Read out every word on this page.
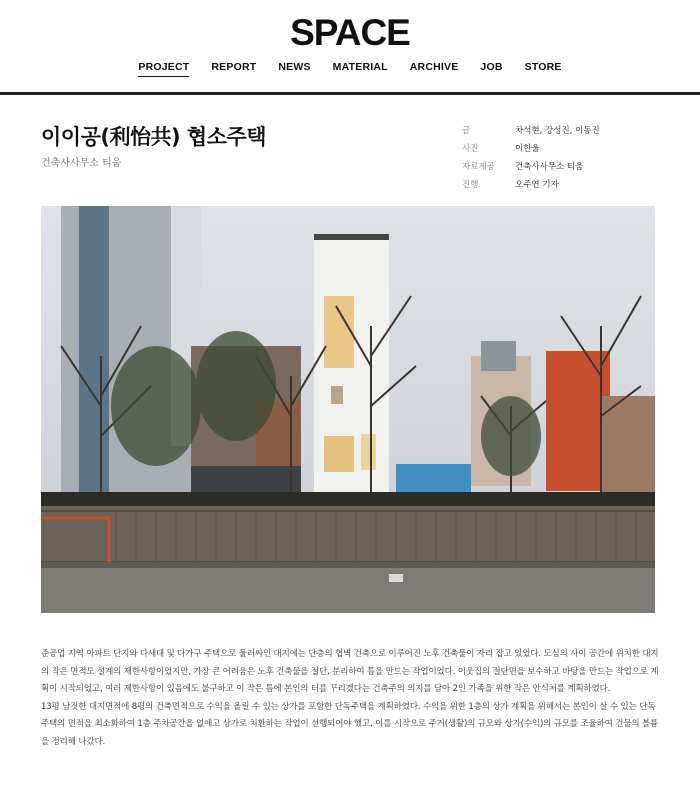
SPACE
PROJECT REPORT NEWS MATERIAL ARCHIVE JOB STORE
이이공(利怡共) 협소주택
건축사사무소 티움
글	차석현, 강성진, 이동진
사진	이한울
자료제공	건축사사무소 티움
진행	오주연 기자

준공업 지역 아파트 단지와 다세대 및 다가구 주택으로 둘러싸인 대지에는 단층의 협벽 건축으로 이루어진 노후 건축물이 자리 잡고 있었다. 도심의 사이 공간에 위치한 대지의 작은 면적도 설계의 제한사항이었지만, 가장 큰 어려움은 노후 건축물을 절단, 분리하여 틈을 만드는 작업이었다. 이웃집의 절단면을 보수하고 바탕을 만드는 작업으로 계획이 시작되었고, 여러 제한사항이 있음에도 불구하고 이 작은 틈에 본인의 터를 꾸리겠다는 건축주의 의지를 담아 2인 가족을 위한 작은 안식처를 계획하였다.

13평 남짓한 대지면적에 8평의 건축면적으로 수익을 올릴 수 있는 상가를 포함한 단독주택을 계획하였다. 수익을 위한 1층의 상가 계획을 위해서는 본인이 살 수 있는 단독주택의 면적을 최소화하여 1층 주차공간을 없애고 상가로 치환하는 작업이 선행되어야 했고, 이를 시작으로 주거(생활)의 규모와 상가(수익)의 규모를 조율하여 건물의 볼륨을 정리해 나갔다.
